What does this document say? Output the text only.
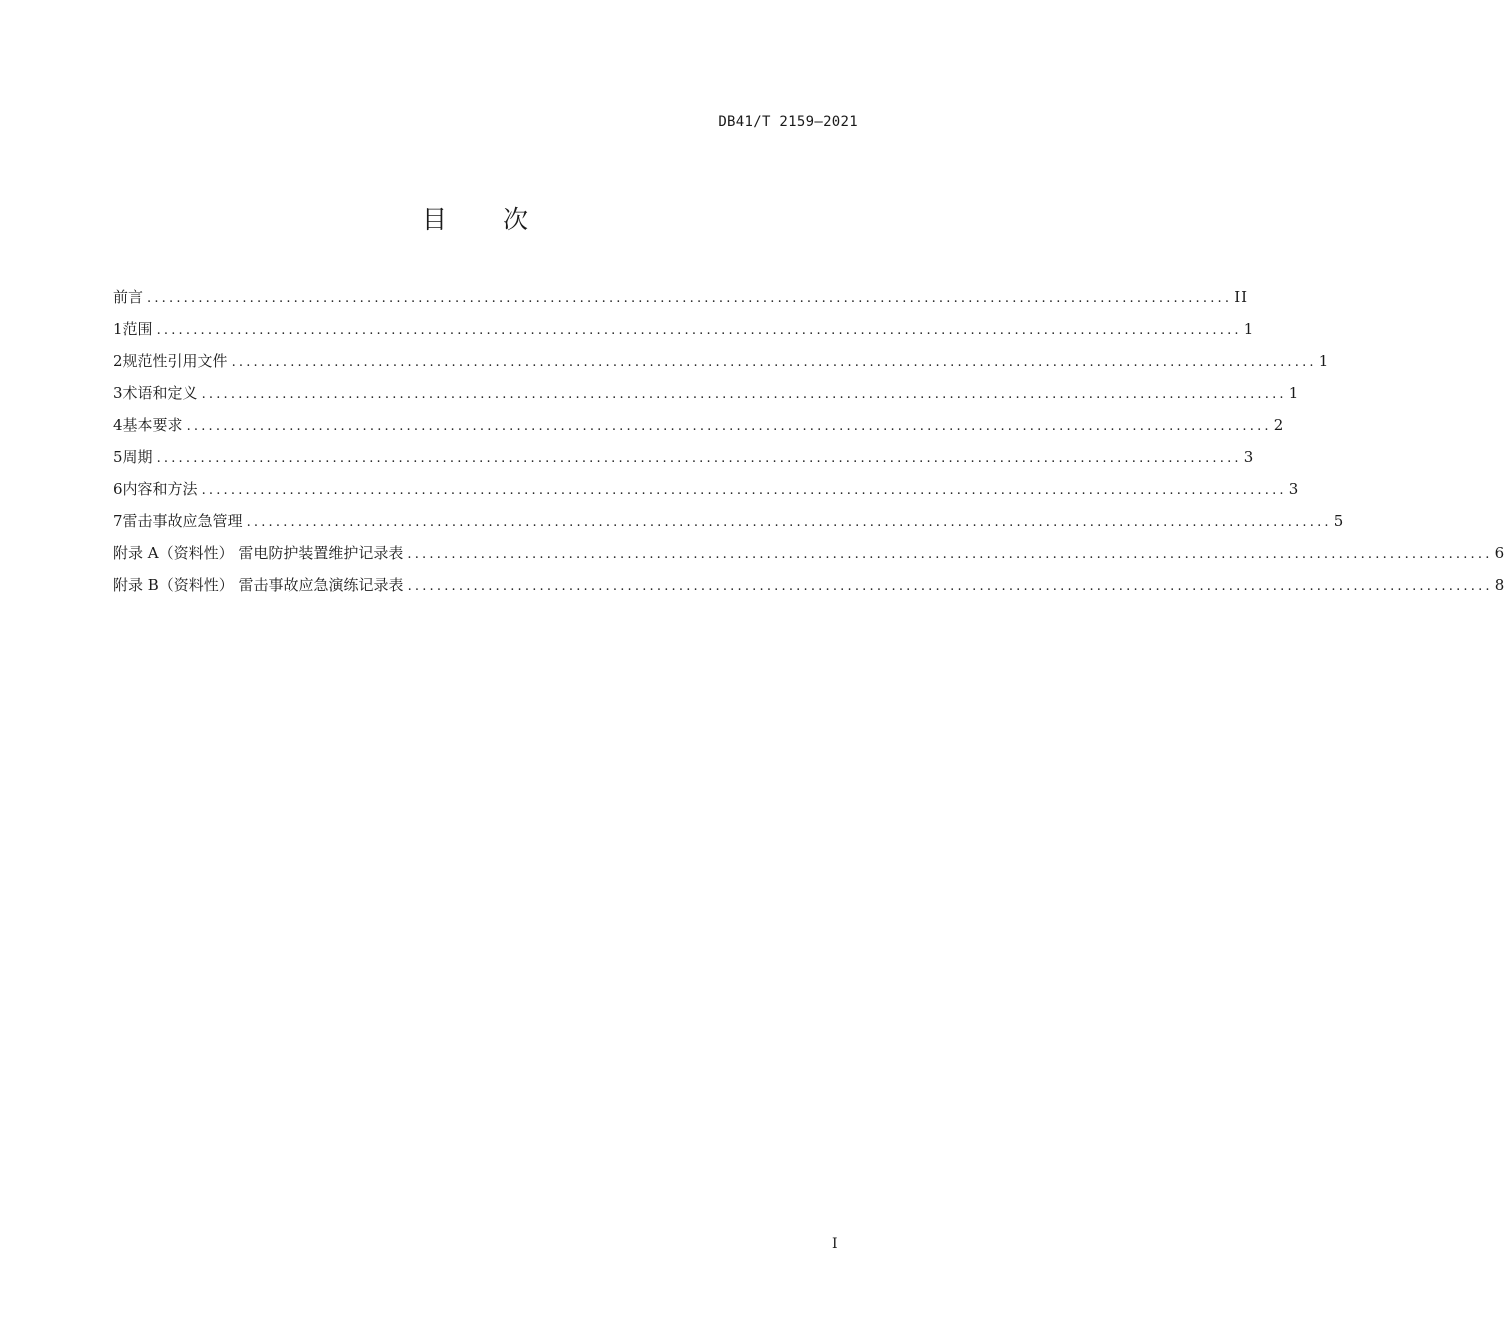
DB41/T 2159—2021
目 次
前言 .................................................................................................................................................... II
1 范围 .................................................................................................................................................... 1
2 规范性引用文件 .................................................................................................................................................... 1
3 术语和定义 .................................................................................................................................................... 1
4 基本要求 .................................................................................................................................................... 2
5 周期 .................................................................................................................................................... 3
6 内容和方法 .................................................................................................................................................... 3
7 雷击事故应急管理 .................................................................................................................................................... 5
附录 A（资料性） 雷电防护装置维护记录表 .................................................................................................................................................... 6
附录 B（资料性） 雷击事故应急演练记录表 .................................................................................................................................................... 8
I
